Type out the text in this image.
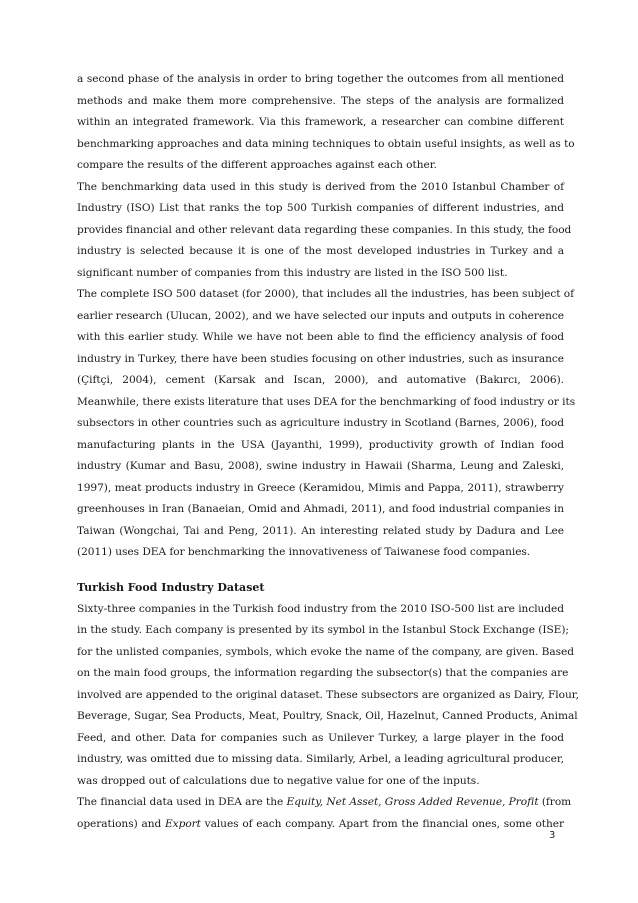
a second phase of the analysis in order to bring together the outcomes from all mentioned
methods and make them more comprehensive. The steps of the analysis are formalized
within an integrated framework. Via this framework, a researcher can combine different
benchmarking approaches and data mining techniques to obtain useful insights, as well as to
compare the results of the different approaches against each other.
The benchmarking data used in this study is derived from the 2010 Istanbul Chamber of
Industry (ISO) List that ranks the top 500 Turkish companies of different industries, and
provides financial and other relevant data regarding these companies. In this study, the food
industry is selected because it is one of the most developed industries in Turkey and a
significant number of companies from this industry are listed in the ISO 500 list.
The complete ISO 500 dataset (for 2000), that includes all the industries, has been subject of
earlier research (Ulucan, 2002), and we have selected our inputs and outputs in coherence
with this earlier study. While we have not been able to find the efficiency analysis of food
industry in Turkey, there have been studies focusing on other industries, such as insurance
(Çiftçi, 2004), cement (Karsak and Iscan, 2000), and automative (Bakırcı, 2006).
Meanwhile, there exists literature that uses DEA for the benchmarking of food industry or its
subsectors in other countries such as agriculture industry in Scotland (Barnes, 2006), food
manufacturing plants in the USA (Jayanthi, 1999), productivity growth of Indian food
industry (Kumar and Basu, 2008), swine industry in Hawaii (Sharma, Leung and Zaleski,
1997), meat products industry in Greece (Keramidou, Mimis and Pappa, 2011), strawberry
greenhouses in Iran (Banaeian, Omid and Ahmadi, 2011), and food industrial companies in
Taiwan (Wongchai, Tai and Peng, 2011). An interesting related study by Dadura and Lee
(2011) uses DEA for benchmarking the innovativeness of Taiwanese food companies.
Turkish Food Industry Dataset
Sixty-three companies in the Turkish food industry from the 2010 ISO-500 list are included
in the study. Each company is presented by its symbol in the Istanbul Stock Exchange (ISE);
for the unlisted companies, symbols, which evoke the name of the company, are given. Based
on the main food groups, the information regarding the subsector(s) that the companies are
involved are appended to the original dataset. These subsectors are organized as Dairy, Flour,
Beverage, Sugar, Sea Products, Meat, Poultry, Snack, Oil, Hazelnut, Canned Products, Animal
Feed, and other. Data for companies such as Unilever Turkey, a large player in the food
industry, was omitted due to missing data. Similarly, Arbel, a leading agricultural producer,
was dropped out of calculations due to negative value for one of the inputs.
The financial data used in DEA are the Equity, Net Asset, Gross Added Revenue, Profit (from
operations) and Export values of each company. Apart from the financial ones, some other
3
